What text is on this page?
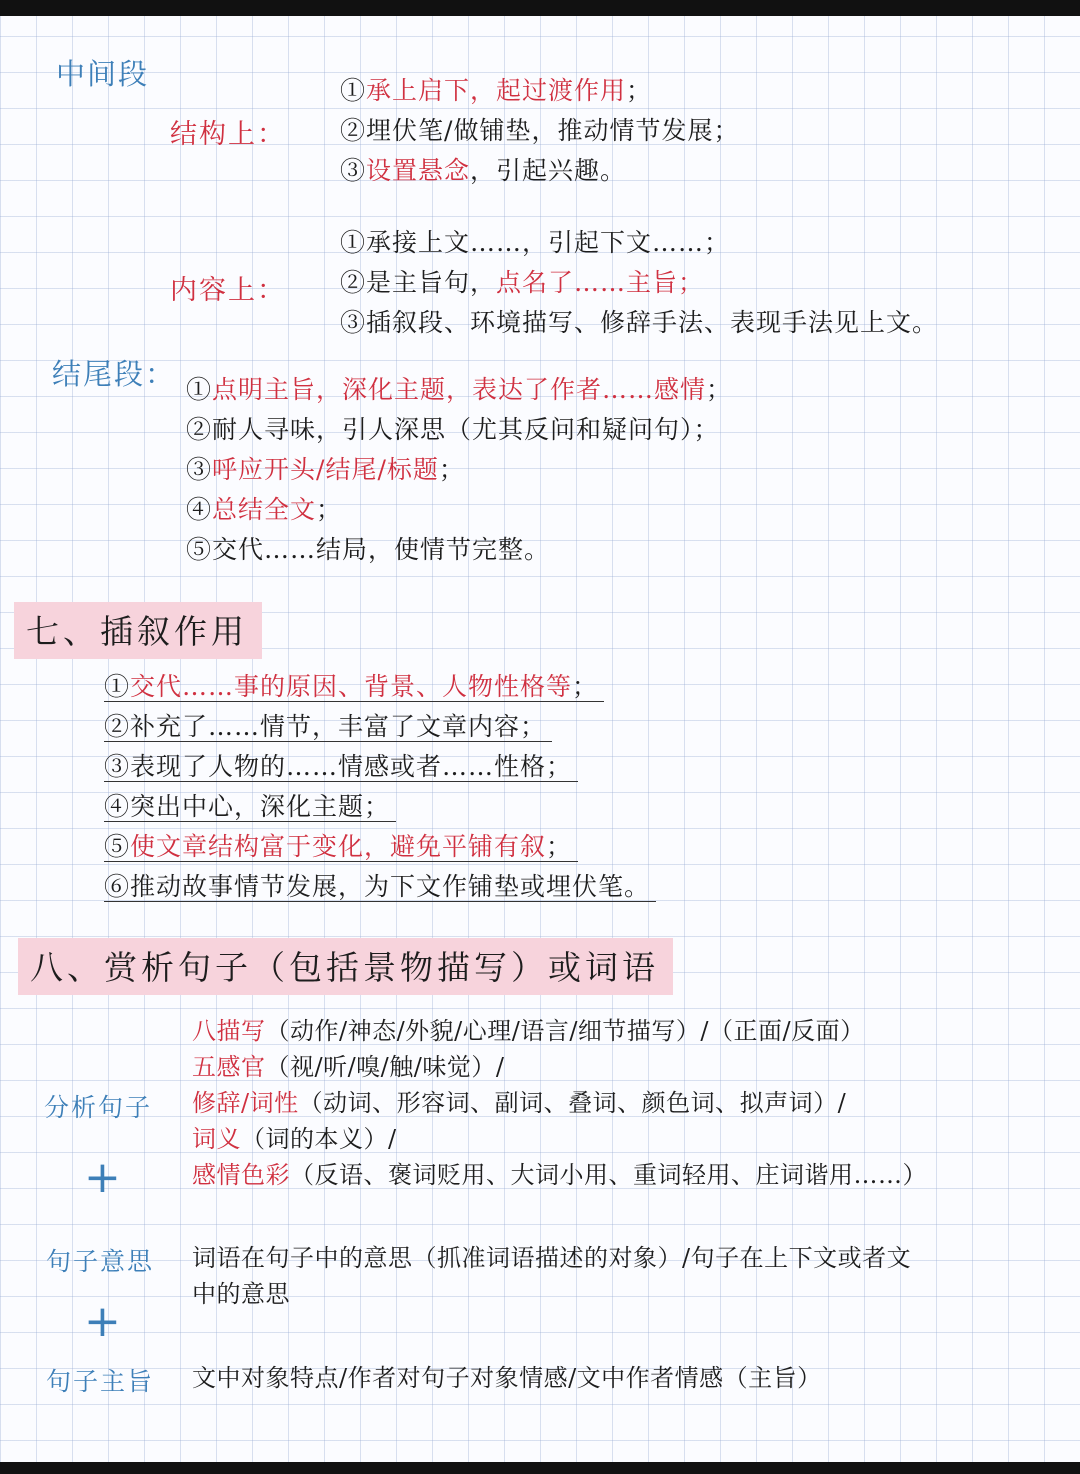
中间段
结构上：
①承上启下，起过渡作用；
②埋伏笔/做铺垫，推动情节发展；
③设置悬念，引起兴趣。
内容上：
①承接上文……，引起下文……；
②是主旨句，点名了……主旨；
③插叙段、环境描写、修辞手法、表现手法见上文。
结尾段： ①点明主旨，深化主题，表达了作者……感情；
②耐人寻味，引人深思（尤其反问和疑问句）；
③呼应开头/结尾/标题；
④总结全文；
⑤交代……结局，使情节完整。
七、插叙作用
①交代……事的原因、背景、人物性格等；
②补充了……情节，丰富了文章内容；
③表现了人物的……情感或者……性格；
④突出中心，深化主题；
⑤使文章结构富于变化，避免平铺有叙；
⑥推动故事情节发展，为下文作铺垫或埋伏笔。
八、赏析句子（包括景物描写）或词语
分析句子
八描写（动作/神态/外貌/心理/语言/细节描写）/（正面/反面）
五感官（视/听/嗅/触/味觉）/
修辞/词性（动词、形容词、副词、叠词、颜色词、拟声词）/
词义（词的本义）/
感情色彩（反语、褒词贬用、大词小用、重词轻用、庄词谐用……）
+
句子意思 词语在句子中的意思（抓准词语描述的对象）/句子在上下文或者文
中的意思
+
句子主旨 文中对象特点/作者对句子对象情感/文中作者情感（主旨）
